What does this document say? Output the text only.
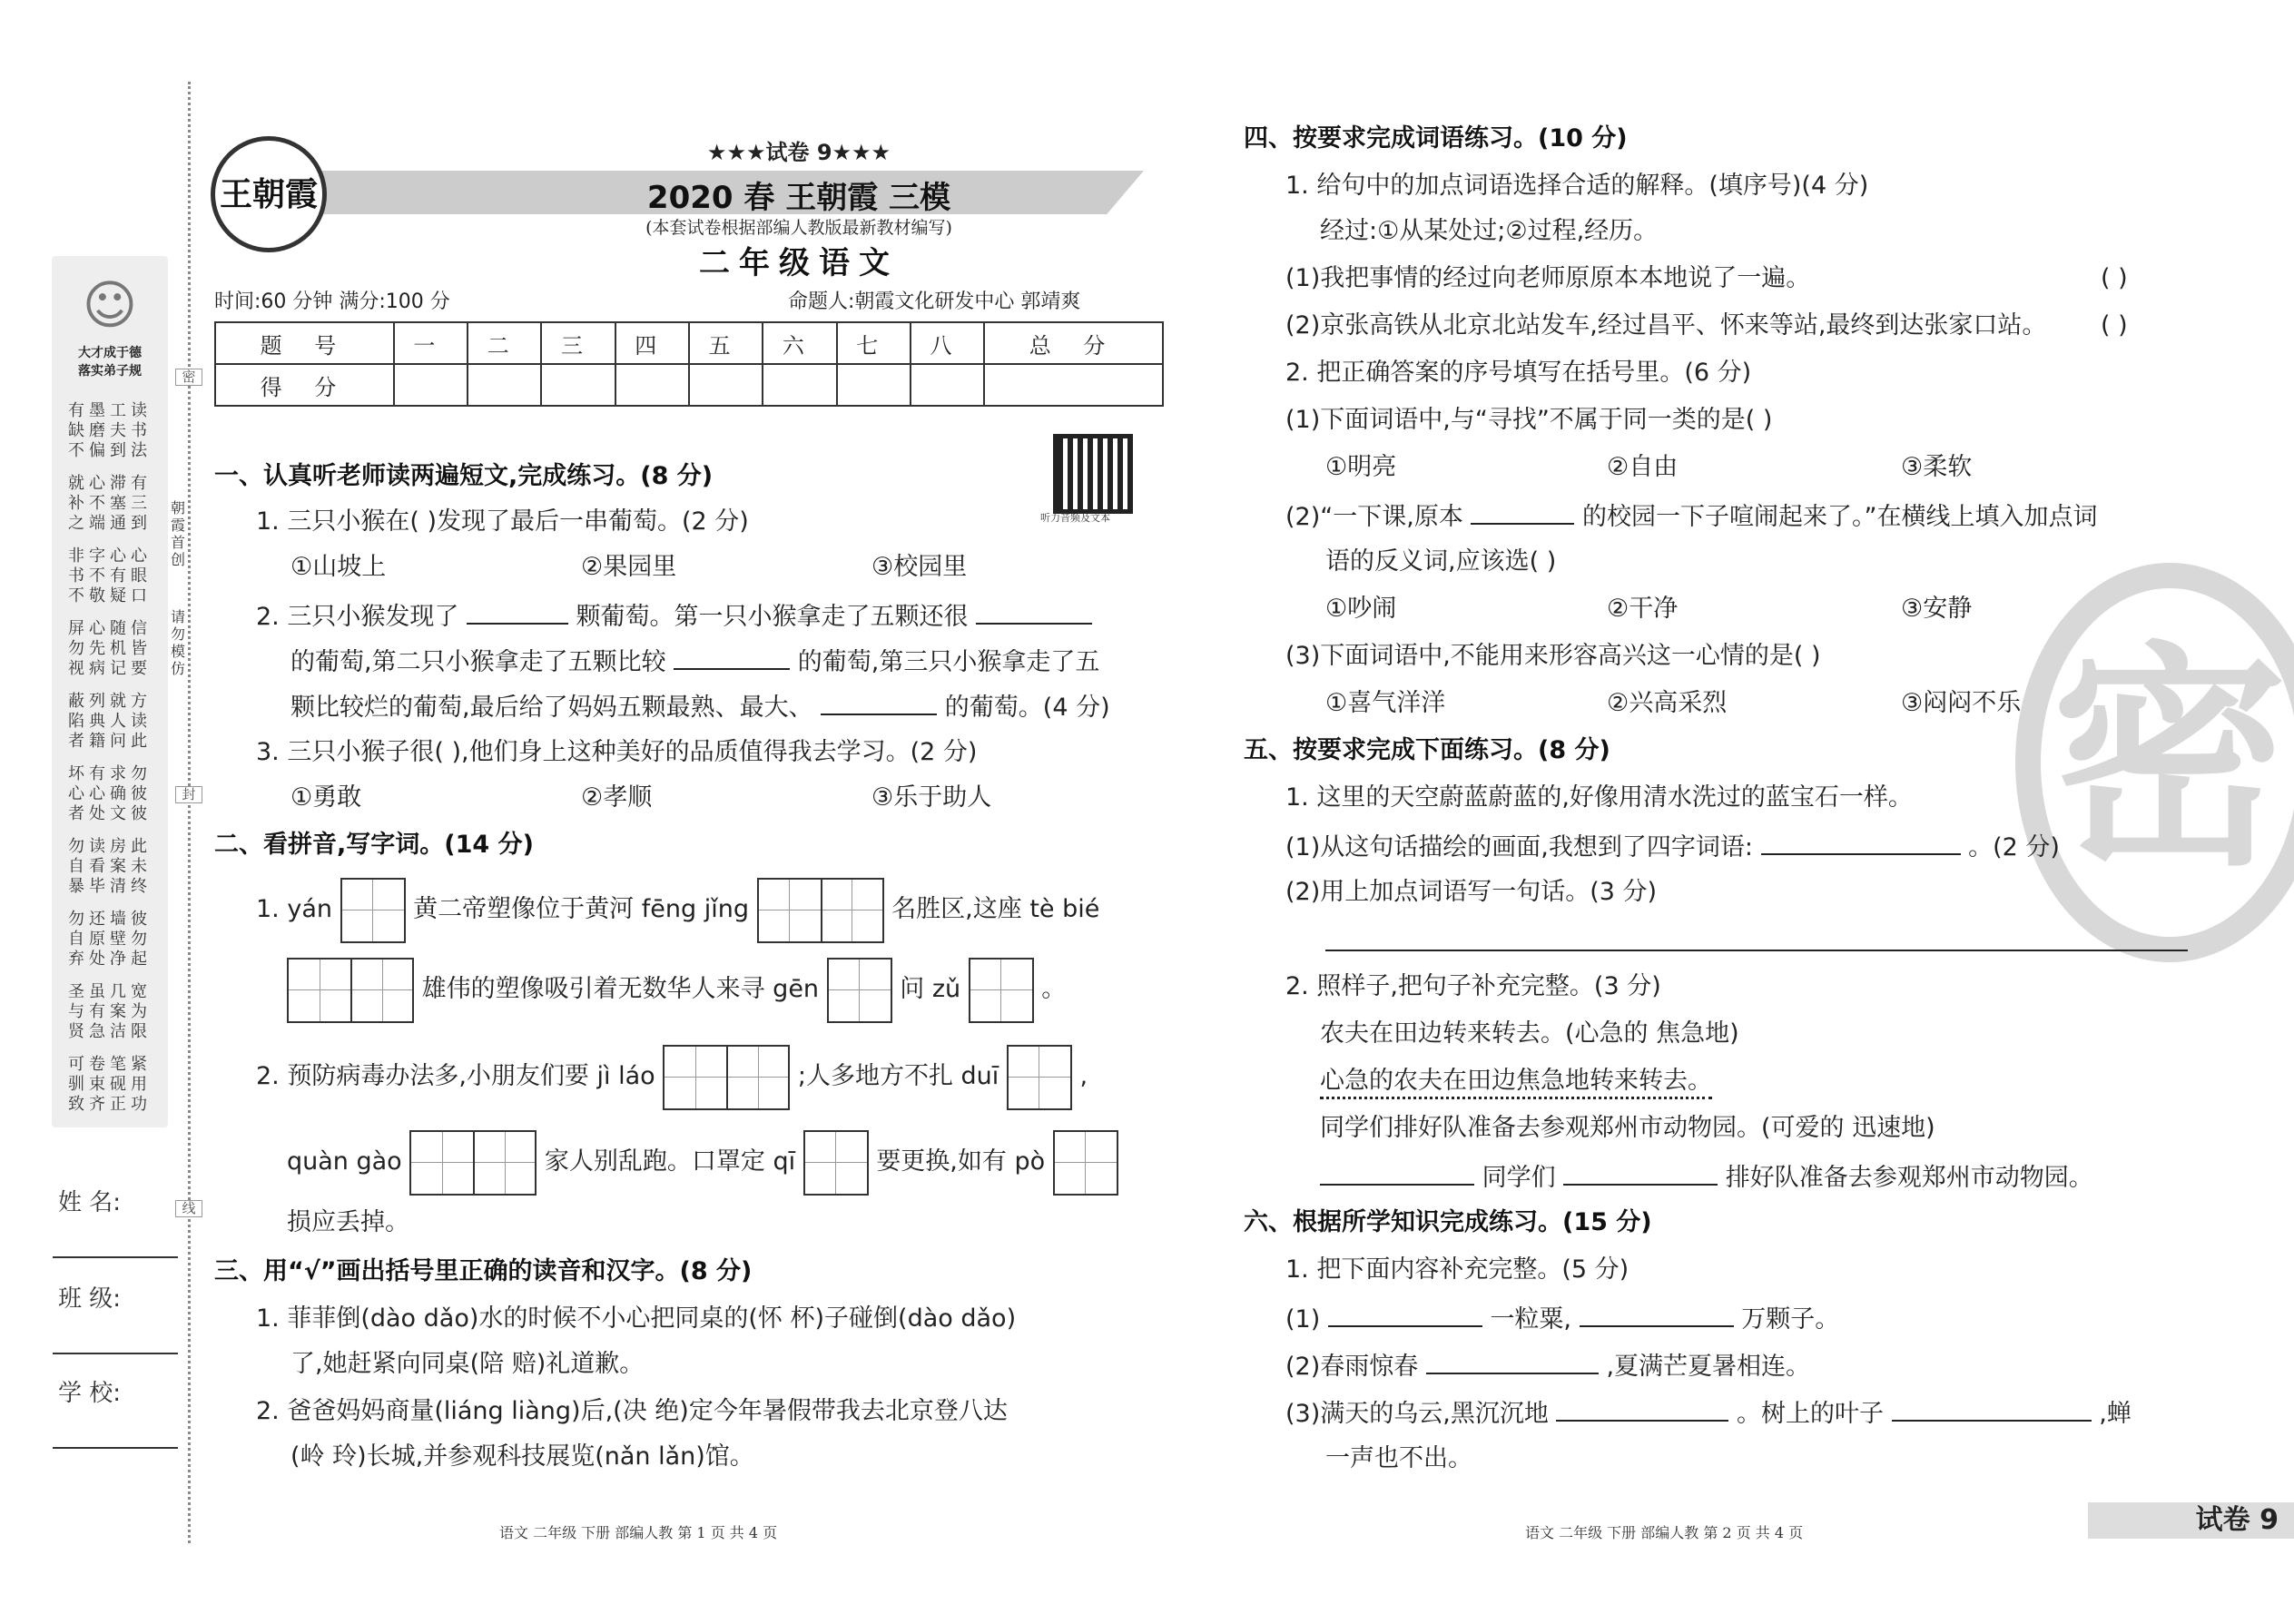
☺
大才成于德
落实弟子规
有墨工读
缺磨夫书
不偏到法
就心滞有
补不塞三
之端通到
非字心心
书不有眼
不敬疑口
屏心随信
勿先机皆
视病记要
蔽列就方
陷典人读
者籍问此
坏有求勿
心心确彼
者处文彼
勿读房此
自看案未
暴毕清终
勿还墙彼
自原壁勿
弃处净起
圣虽几宽
与有案为
贤急洁限
可卷笔紧
驯束砚用
致齐正功
密
封
线
朝霞首创
请勿模仿
姓 名:
班 级:
学 校:
王朝霞
★★★试卷 9★★★
2020 春 王朝霞 三模
(本套试卷根据部编人教版最新教材编写)
二年级语文
时间:60 分钟 满分:100 分	命题人:朝霞文化研发中心 郭靖爽
题 号	一	二	三	四	五	六	七	八	总 分
得 分									
听力音频及文本
一、认真听老师读两遍短文,完成练习。(8 分)
1. 三只小猴在( )发现了最后一串葡萄。(2 分)
①山坡上	②果园里	③校园里
2. 三只小猴发现了	颗葡萄。第一只小猴拿走了五颗还很
的葡萄,第二只小猴拿走了五颗比较	的葡萄,第三只小猴拿走了五
颗比较烂的葡萄,最后给了妈妈五颗最熟、最大、	的葡萄。(4 分)
3. 三只小猴子很( ),他们身上这种美好的品质值得我去学习。(2 分)
①勇敢	②孝顺	③乐于助人
二、看拼音,写字词。(14 分)
1. yán	黄二帝塑像位于黄河 fēng jǐng	名胜区,这座 tè bié
雄伟的塑像吸引着无数华人来寻 gēn	问 zǔ	。
2. 预防病毒办法多,小朋友们要 jì láo	;人多地方不扎 duī	,
quàn gào	家人别乱跑。口罩定 qī	要更换,如有 pò
损应丢掉。
三、用“√”画出括号里正确的读音和汉字。(8 分)
1. 菲菲倒(dào dǎo)水的时候不小心把同桌的(怀 杯)子碰倒(dào dǎo)
了,她赶紧向同桌(陪 赔)礼道歉。
2. 爸爸妈妈商量(liáng liàng)后,(决 绝)定今年暑假带我去北京登八达
(岭 玲)长城,并参观科技展览(nǎn lǎn)馆。
语文 二年级 下册 部编人教 第 1 页 共 4 页
密
四、按要求完成词语练习。(10 分)
1. 给句中的加点词语选择合适的解释。(填序号)(4 分)
经过:①从某处过;②过程,经历。
(1)我把事情的经过向老师原原本本地说了一遍。	( )
(2)京张高铁从北京北站发车,经过昌平、怀来等站,最终到达张家口站。 ( )
2. 把正确答案的序号填写在括号里。(6 分)
(1)下面词语中,与“寻找”不属于同一类的是( )
①明亮	②自由	③柔软
(2)“一下课,原本	的校园一下子喧闹起来了。”在横线上填入加点词
语的反义词,应该选( )
①吵闹	②干净	③安静
(3)下面词语中,不能用来形容高兴这一心情的是( )
①喜气洋洋	②兴高采烈	③闷闷不乐
五、按要求完成下面练习。(8 分)
1. 这里的天空蔚蓝蔚蓝的,好像用清水洗过的蓝宝石一样。
(1)从这句话描绘的画面,我想到了四字词语:	。(2 分)
(2)用上加点词语写一句话。(3 分)
2. 照样子,把句子补充完整。(3 分)
农夫在田边转来转去。(心急的 焦急地)
心急的农夫在田边焦急地转来转去。
同学们排好队准备去参观郑州市动物园。(可爱的 迅速地)
同学们	排好队准备去参观郑州市动物园。
六、根据所学知识完成练习。(15 分)
1. 把下面内容补充完整。(5 分)
(1)	一粒粟,	万颗子。
(2)春雨惊春	,夏满芒夏暑相连。
(3)满天的乌云,黑沉沉地	。树上的叶子	,蝉
一声也不出。
语文 二年级 下册 部编人教 第 2 页 共 4 页	试卷 9
